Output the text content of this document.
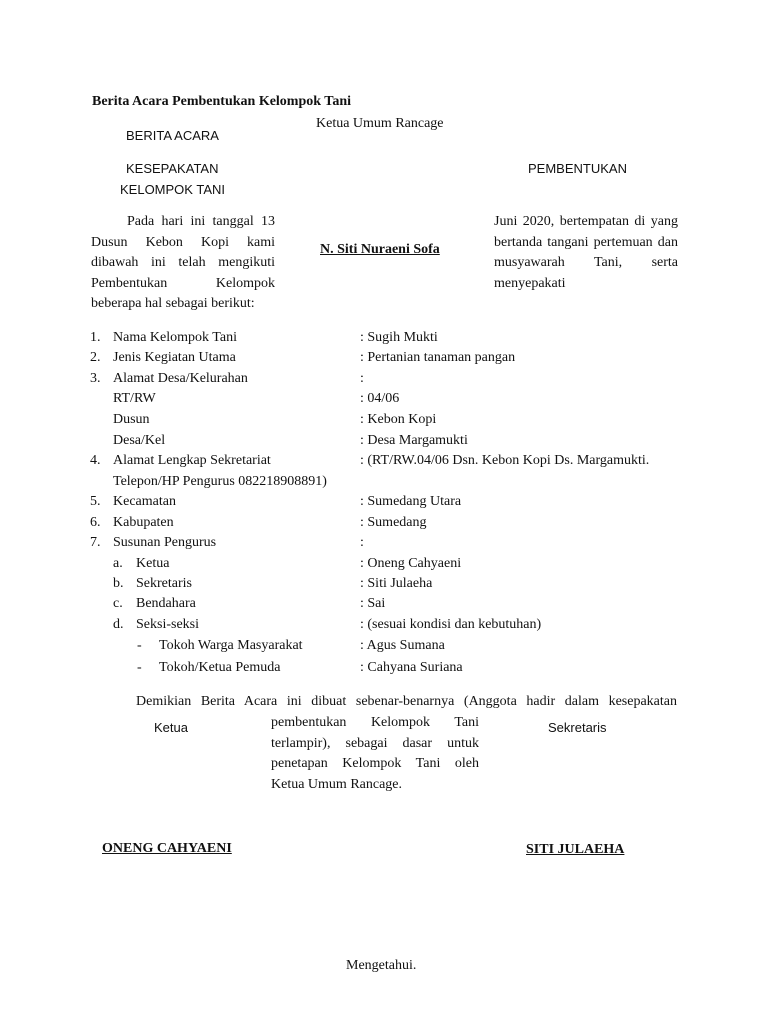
Berita Acara Pembentukan Kelompok Tani
Ketua Umum Rancage
BERITA ACARA
KESEPAKATAN	PEMBENTUKAN
KELOMPOK TANI
Pada hari ini tanggal 13 Dusun Kebon Kopi kami dibawah ini telah mengikuti Pembentukan Kelompok beberapa hal sebagai berikut:
N. Siti Nuraeni Sofa
Juni 2020, bertempatan di yang bertanda tangani pertemuan dan musyawarah Tani, serta menyepakati
1. Nama Kelompok Tani	: Sugih Mukti
2. Jenis Kegiatan Utama	: Pertanian tanaman pangan
3. Alamat Desa/Kelurahan	:
RT/RW	: 04/06
Dusun	: Kebon Kopi
Desa/Kel	: Desa Margamukti
4. Alamat Lengkap Sekretariat	: (RT/RW.04/06 Dsn. Kebon Kopi Ds. Margamukti.
Telepon/HP Pengurus 082218908891)
5. Kecamatan	: Sumedang Utara
6. Kabupaten	: Sumedang
7. Susunan Pengurus	:
a. Ketua	: Oneng Cahyaeni
b. Sekretaris	: Siti Julaeha
c. Bendahara	: Sai
d. Seksi-seksi	: (sesuai kondisi dan kebutuhan)
- Tokoh Warga Masyarakat	: Agus Sumana
- Tokoh/Ketua Pemuda	: Cahyana Suriana
Demikian Berita Acara ini dibuat sebenar-benarnya (Anggota hadir dalam kesepakatan
Ketua	Sekretaris
pembentukan Kelompok Tani terlampir), sebagai dasar untuk penetapan Kelompok Tani oleh Ketua Umum Rancage.
ONENG CAHYAENI	SITI JULAEHA
Mengetahui.
